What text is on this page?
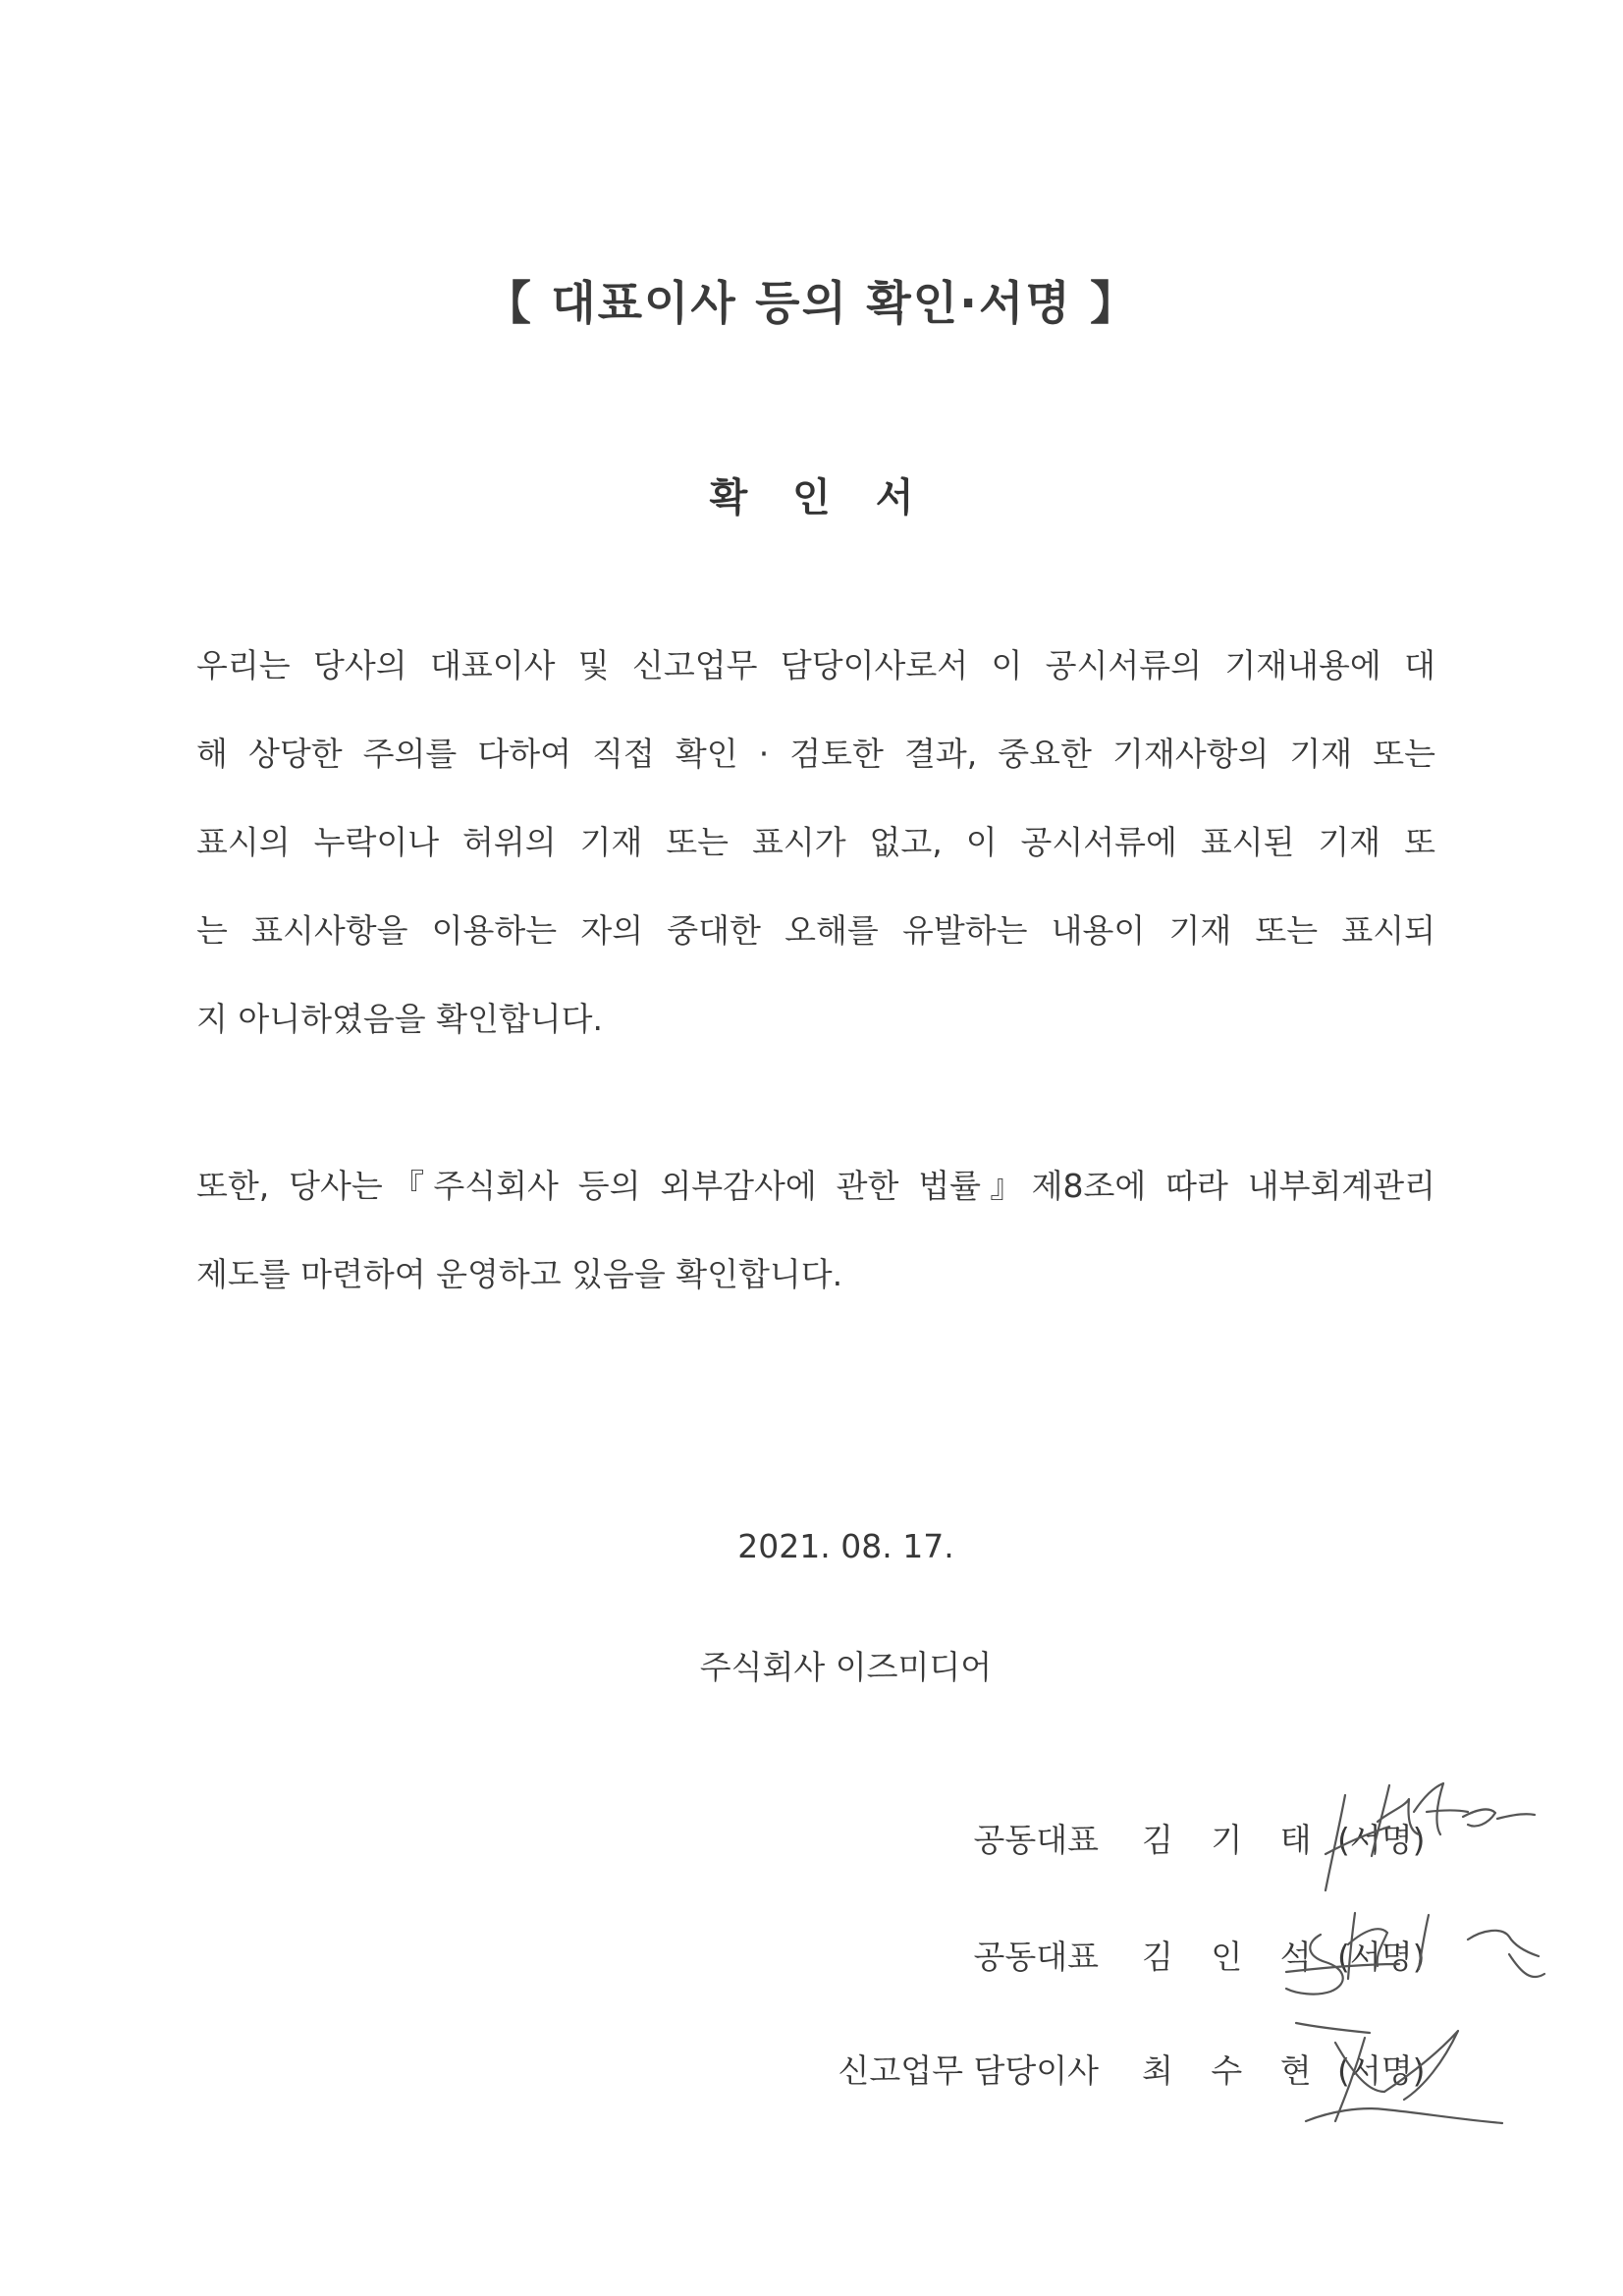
【 대표이사 등의 확인·서명 】
확 인 서
우리는 당사의 대표이사 및 신고업무 담당이사로서 이 공시서류의 기재내용에 대
해 상당한 주의를 다하여 직접 확인 · 검토한 결과, 중요한 기재사항의 기재 또는
표시의 누락이나 허위의 기재 또는 표시가 없고, 이 공시서류에 표시된 기재 또
는 표시사항을 이용하는 자의 중대한 오해를 유발하는 내용이 기재 또는 표시되
지 아니하였음을 확인합니다.
또한, 당사는『주식회사 등의 외부감사에 관한 법률』제8조에 따라 내부회계관리
제도를 마련하여 운영하고 있음을 확인합니다.
2021. 08. 17.
주식회사 이즈미디어
공동대표 김 기 태 (서명)
공동대표 김 인 석 (서명)
신고업무 담당이사 최 수 현 (서명)
